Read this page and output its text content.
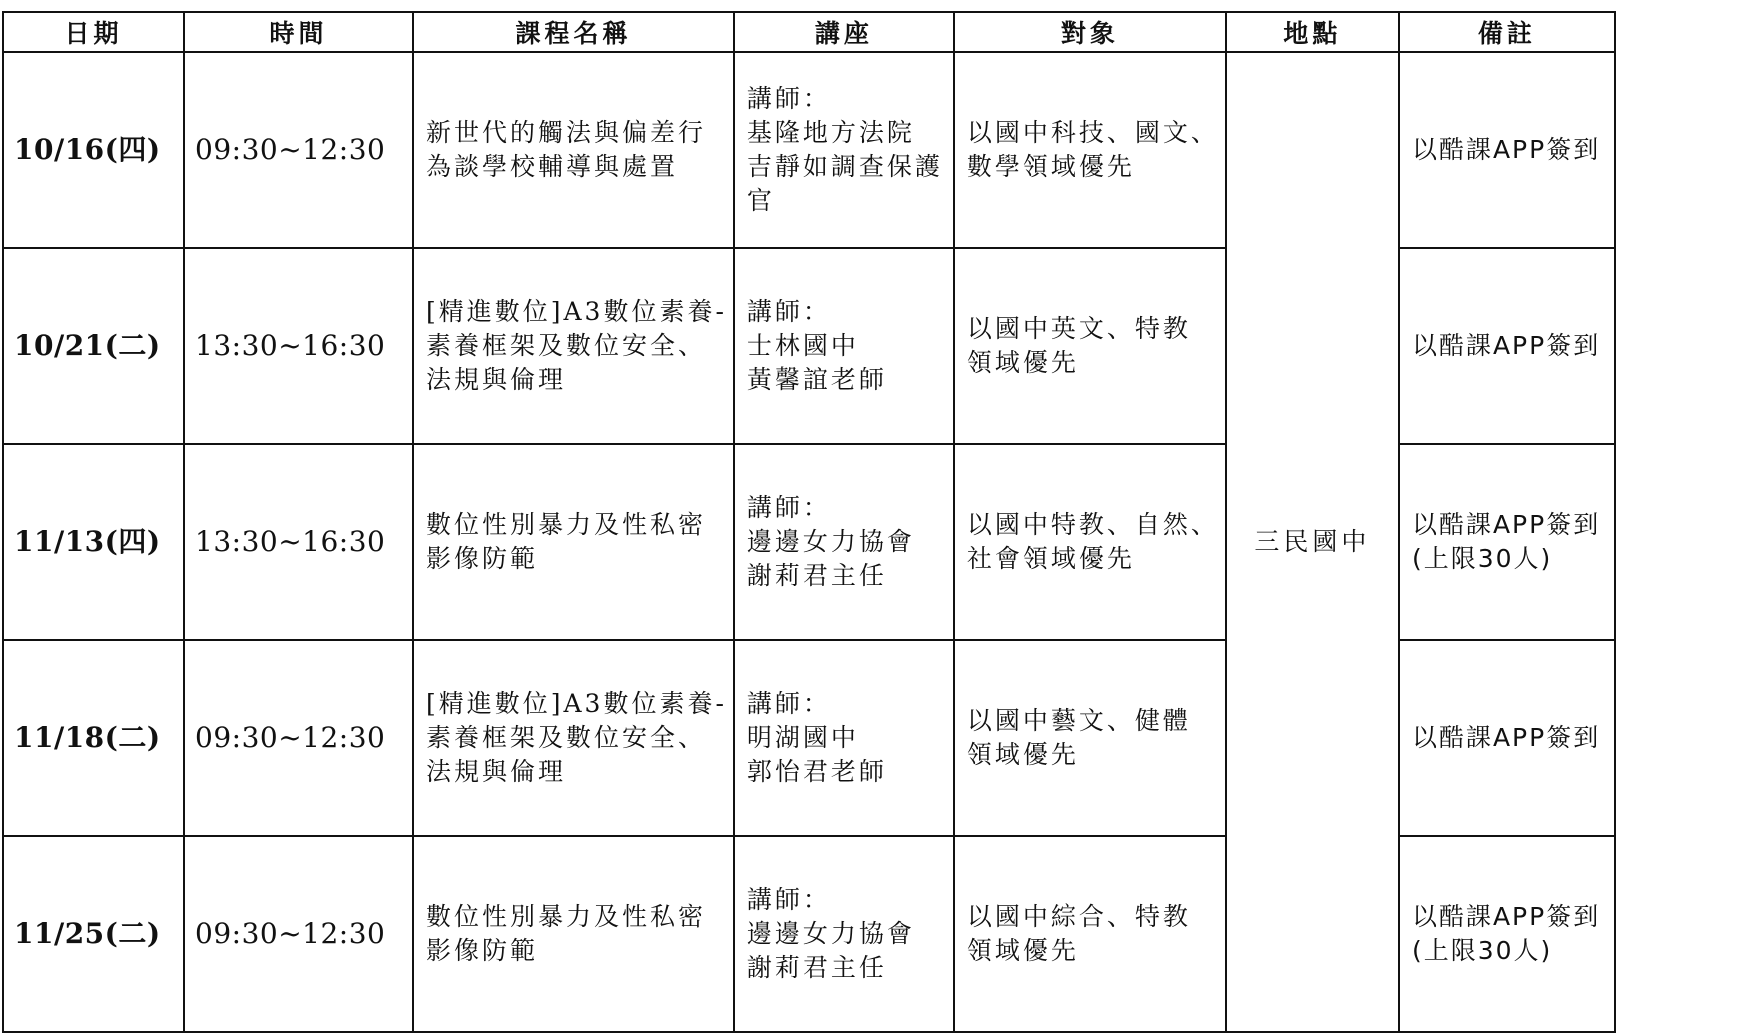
日期	時間	課程名稱	講座	對象	地點	備註
10/16(四)	09:30~12:30	新世代的觸法與偏差行
為談學校輔導與處置	講師：
基隆地方法院
吉靜如調查保護
官	以國中科技、國文、
數學領域優先	三民國中	以酷課APP簽到

10/21(二)	13:30~16:30	[精進數位]A3數位素養-
素養框架及數位安全、
法規與倫理	講師：
士林國中
黃馨誼老師	以國中英文、特教
領域優先		以酷課APP簽到

11/13(四)	13:30~16:30	數位性別暴力及性私密
影像防範	講師：
邊邊女力協會
謝莉君主任	以國中特教、自然、
社會領域優先		以酷課APP簽到
(上限30人)

11/18(二)	09:30~12:30	[精進數位]A3數位素養-
素養框架及數位安全、
法規與倫理	講師：
明湖國中
郭怡君老師	以國中藝文、健體
領域優先		以酷課APP簽到

11/25(二)	09:30~12:30	數位性別暴力及性私密
影像防範	講師：
邊邊女力協會
謝莉君主任	以國中綜合、特教
領域優先		以酷課APP簽到
(上限30人)
